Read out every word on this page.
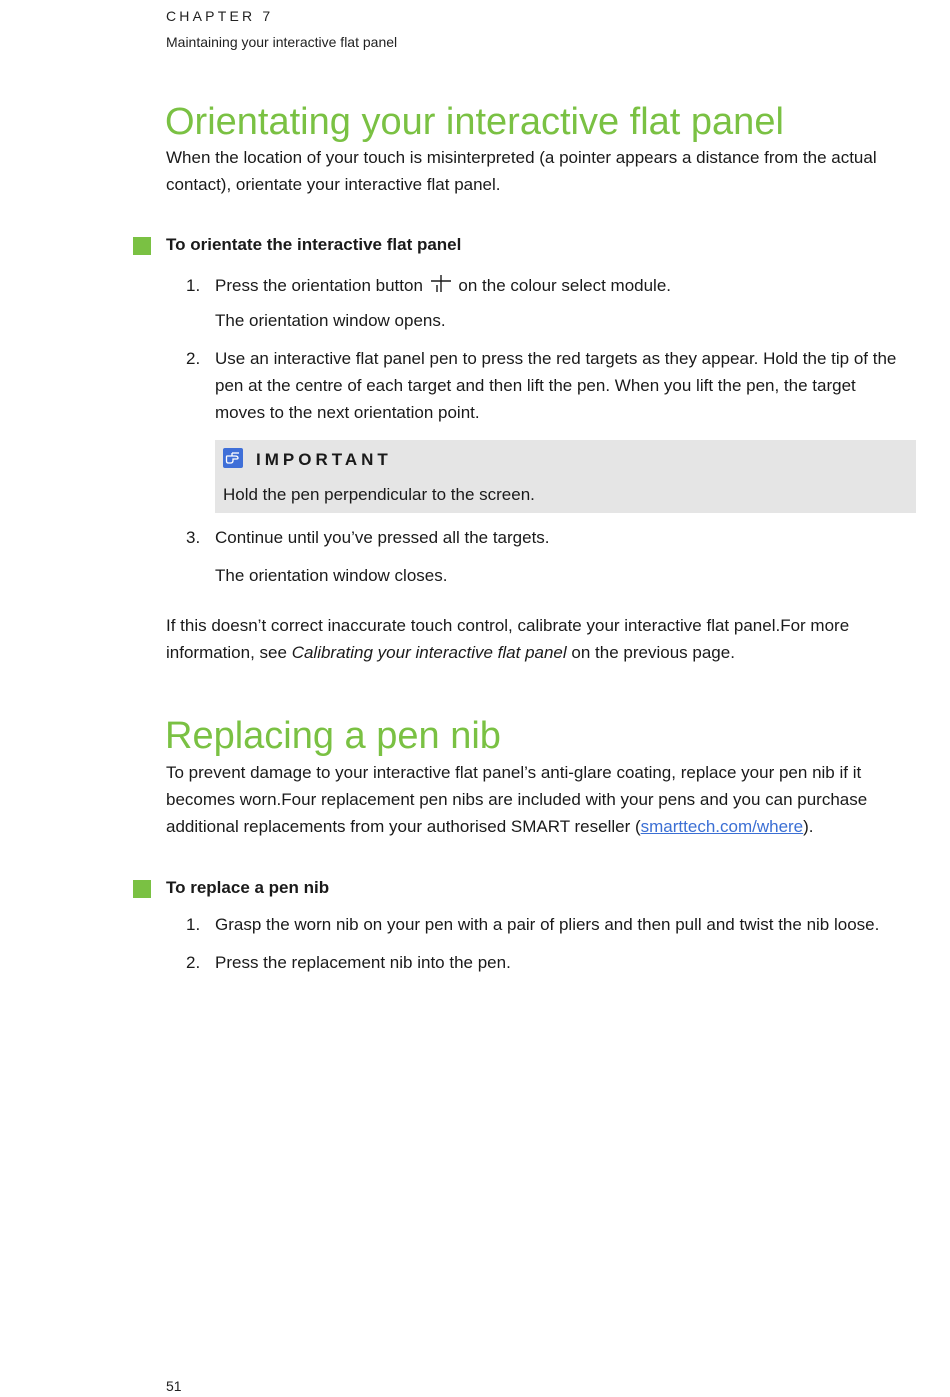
CHAPTER 7
Maintaining your interactive flat panel
Orientating your interactive flat panel

When the location of your touch is misinterpreted (a pointer appears a distance from the actual
contact), orientate your interactive flat panel.

To orientate the interactive flat panel
1. Press the orientation button on the colour select module.

The orientation window opens.

2. Use an interactive flat panel pen to press the red targets as they appear. Hold the tip of the
pen at the centre of each target and then lift the pen. When you lift the pen, the target
moves to the next orientation point.

IMPORTANT
Hold the pen perpendicular to the screen.
3. Continue until you’ve pressed all the targets.

The orientation window closes.

If this doesn’t correct inaccurate touch control, calibrate your interactive flat panel.For more
information, see Calibrating your interactive flat panel on the previous page.

Replacing a pen nib

To prevent damage to your interactive flat panel’s anti-glare coating, replace your pen nib if it
becomes worn.Four replacement pen nibs are included with your pens and you can purchase
additional replacements from your authorised SMART reseller (smarttech.com/where).

To replace a pen nib
1. Grasp the worn nib on your pen with a pair of pliers and then pull and twist the nib loose.

2. Press the replacement nib into the pen.

51
